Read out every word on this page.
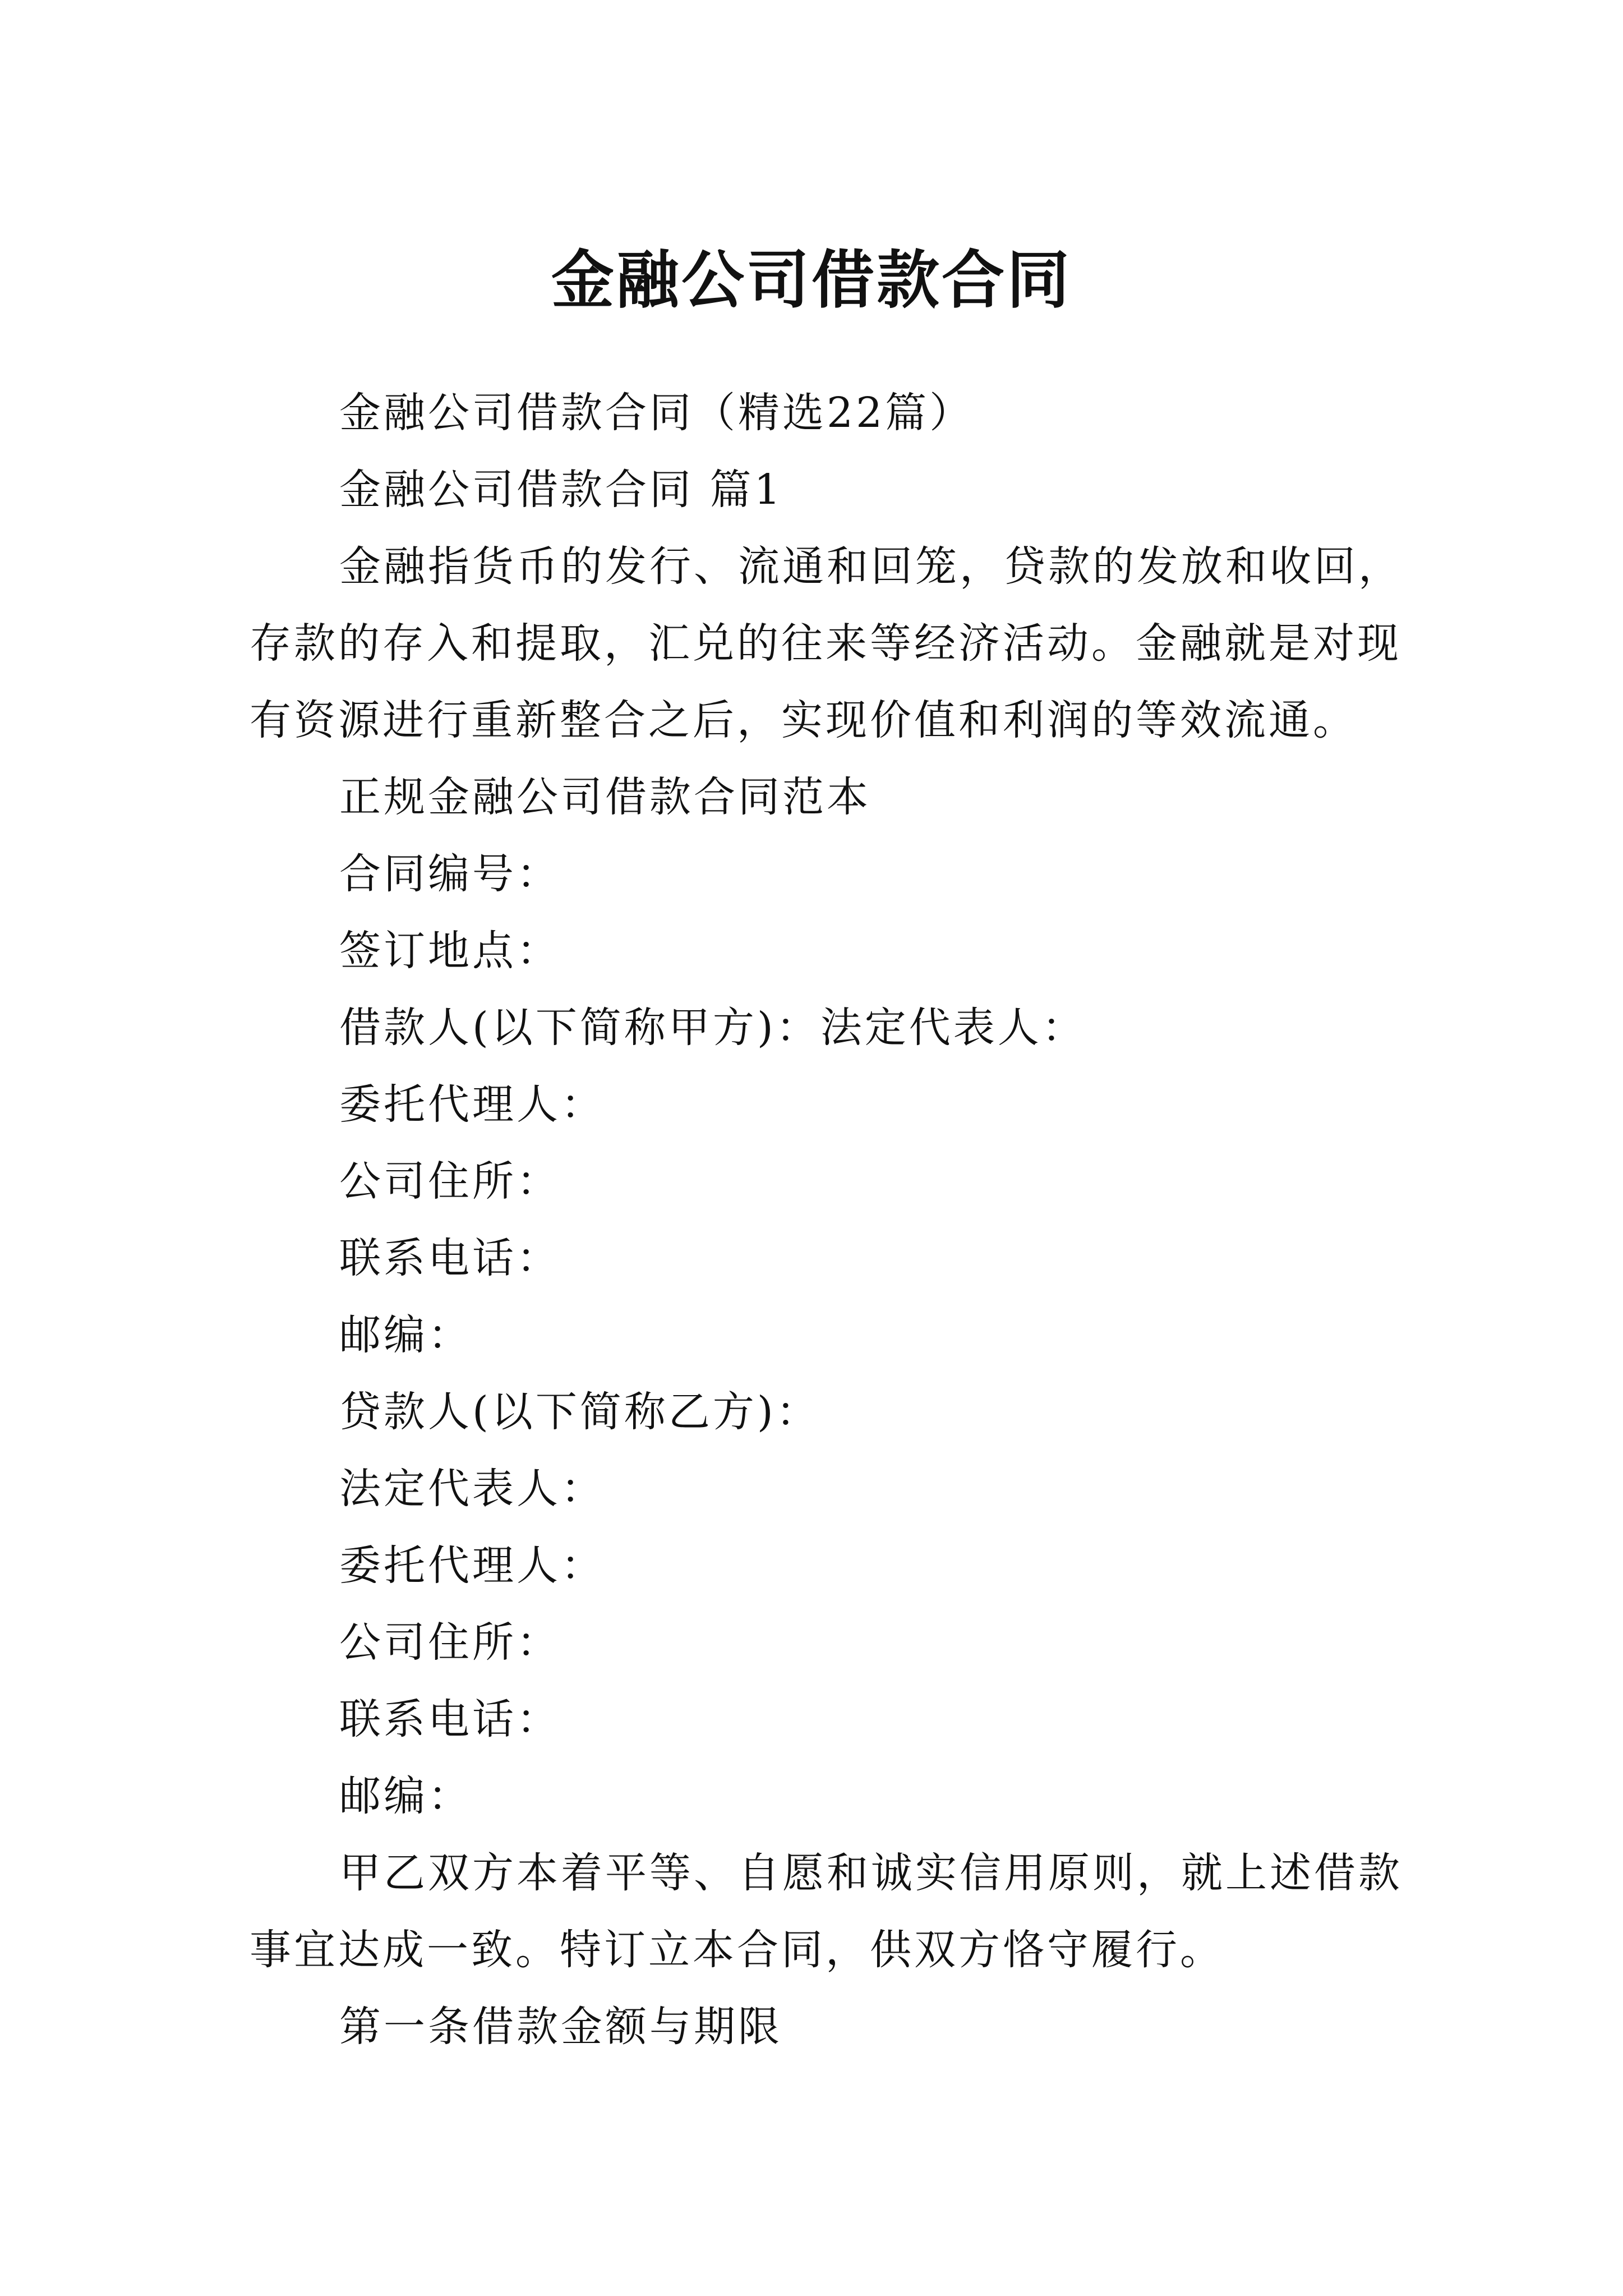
金融公司借款合同

金融公司借款合同（精选22篇）

金融公司借款合同 篇1

金融指货币的发行、流通和回笼，贷款的发放和收回，存款的存入和提取，汇兑的往来等经济活动。金融就是对现有资源进行重新整合之后，实现价值和利润的等效流通。

正规金融公司借款合同范本

合同编号：

签订地点：

借款人(以下简称甲方)：法定代表人：

委托代理人：

公司住所：

联系电话：

邮编：

贷款人(以下简称乙方)：

法定代表人：

委托代理人：

公司住所：

联系电话：

邮编：

甲乙双方本着平等、自愿和诚实信用原则，就上述借款事宜达成一致。特订立本合同，供双方恪守履行。

第一条借款金额与期限
